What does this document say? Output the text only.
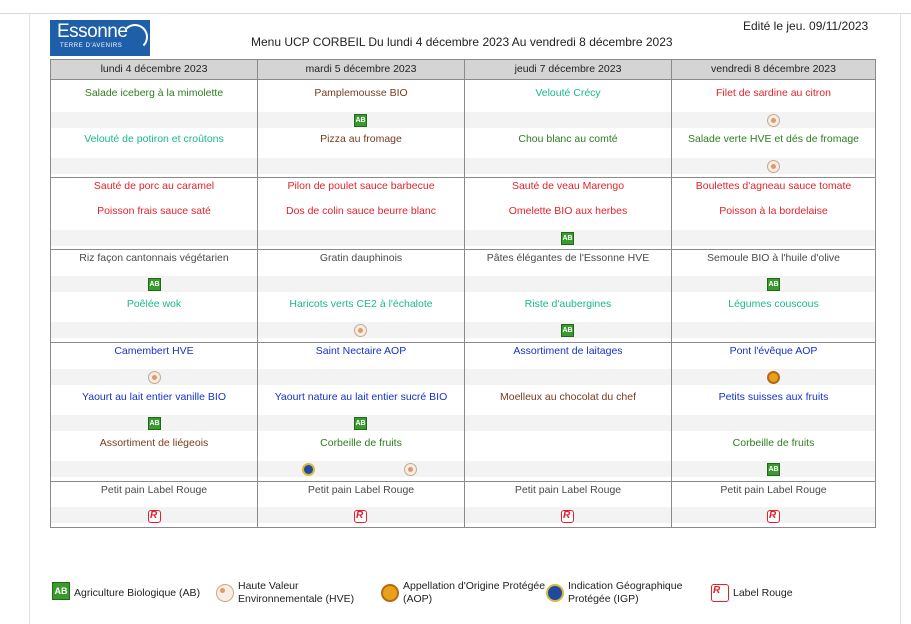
Essonne
TERRE D'AVENIRS	Menu UCP CORBEIL Du lundi 4 décembre 2023 Au vendredi 8 décembre 2023
Edité le jeu. 09/11/2023
lundi 4 décembre 2023	mardi 5 décembre 2023	jeudi 7 décembre 2023	vendredi 8 décembre 2023
Salade iceberg à la mimolette	Pamplemousse BIO	Velouté Crécy	Filet de sardine au citron
AB
Velouté de potiron et croûtons	Pizza au fromage	Chou blanc au comté	Salade verte HVE et dés de fromage
Sauté de porc au caramel	Pilon de poulet sauce barbecue	Sauté de veau Marengo	Boulettes d'agneau sauce tomate
Poisson frais sauce saté	Dos de colin sauce beurre blanc	Omelette BIO aux herbes	Poisson à la bordelaise
AB
Riz façon cantonnais végétarien	Gratin dauphinois	Pâtes élégantes de l'Essonne HVE	Semoule BIO à l'huile d'olive
AB	AB
Poêlée wok	Haricots verts CE2 à l'échalote	Riste d'aubergines	Légumes couscous
AB
Camembert HVE	Saint Nectaire AOP	Assortiment de laitages	Pont l'évêque AOP
Yaourt au lait entier vanille BIO	Yaourt nature au lait entier sucré BIO	Moelleux au chocolat du chef	Petits suisses aux fruits
AB	AB
Assortiment de liégeois	Corbeille de fruits	Corbeille de fruits
AB
Petit pain Label Rouge	Petit pain Label Rouge	Petit pain Label Rouge	Petit pain Label Rouge
R
R
R
R
AB Agriculture Biologique (AB)
Haute Valeur
Environnementale (HVE)
Appellation d'Origine Protégée
(AOP)
Indication Géographique
Protégée (IGP)
R	Label Rouge
